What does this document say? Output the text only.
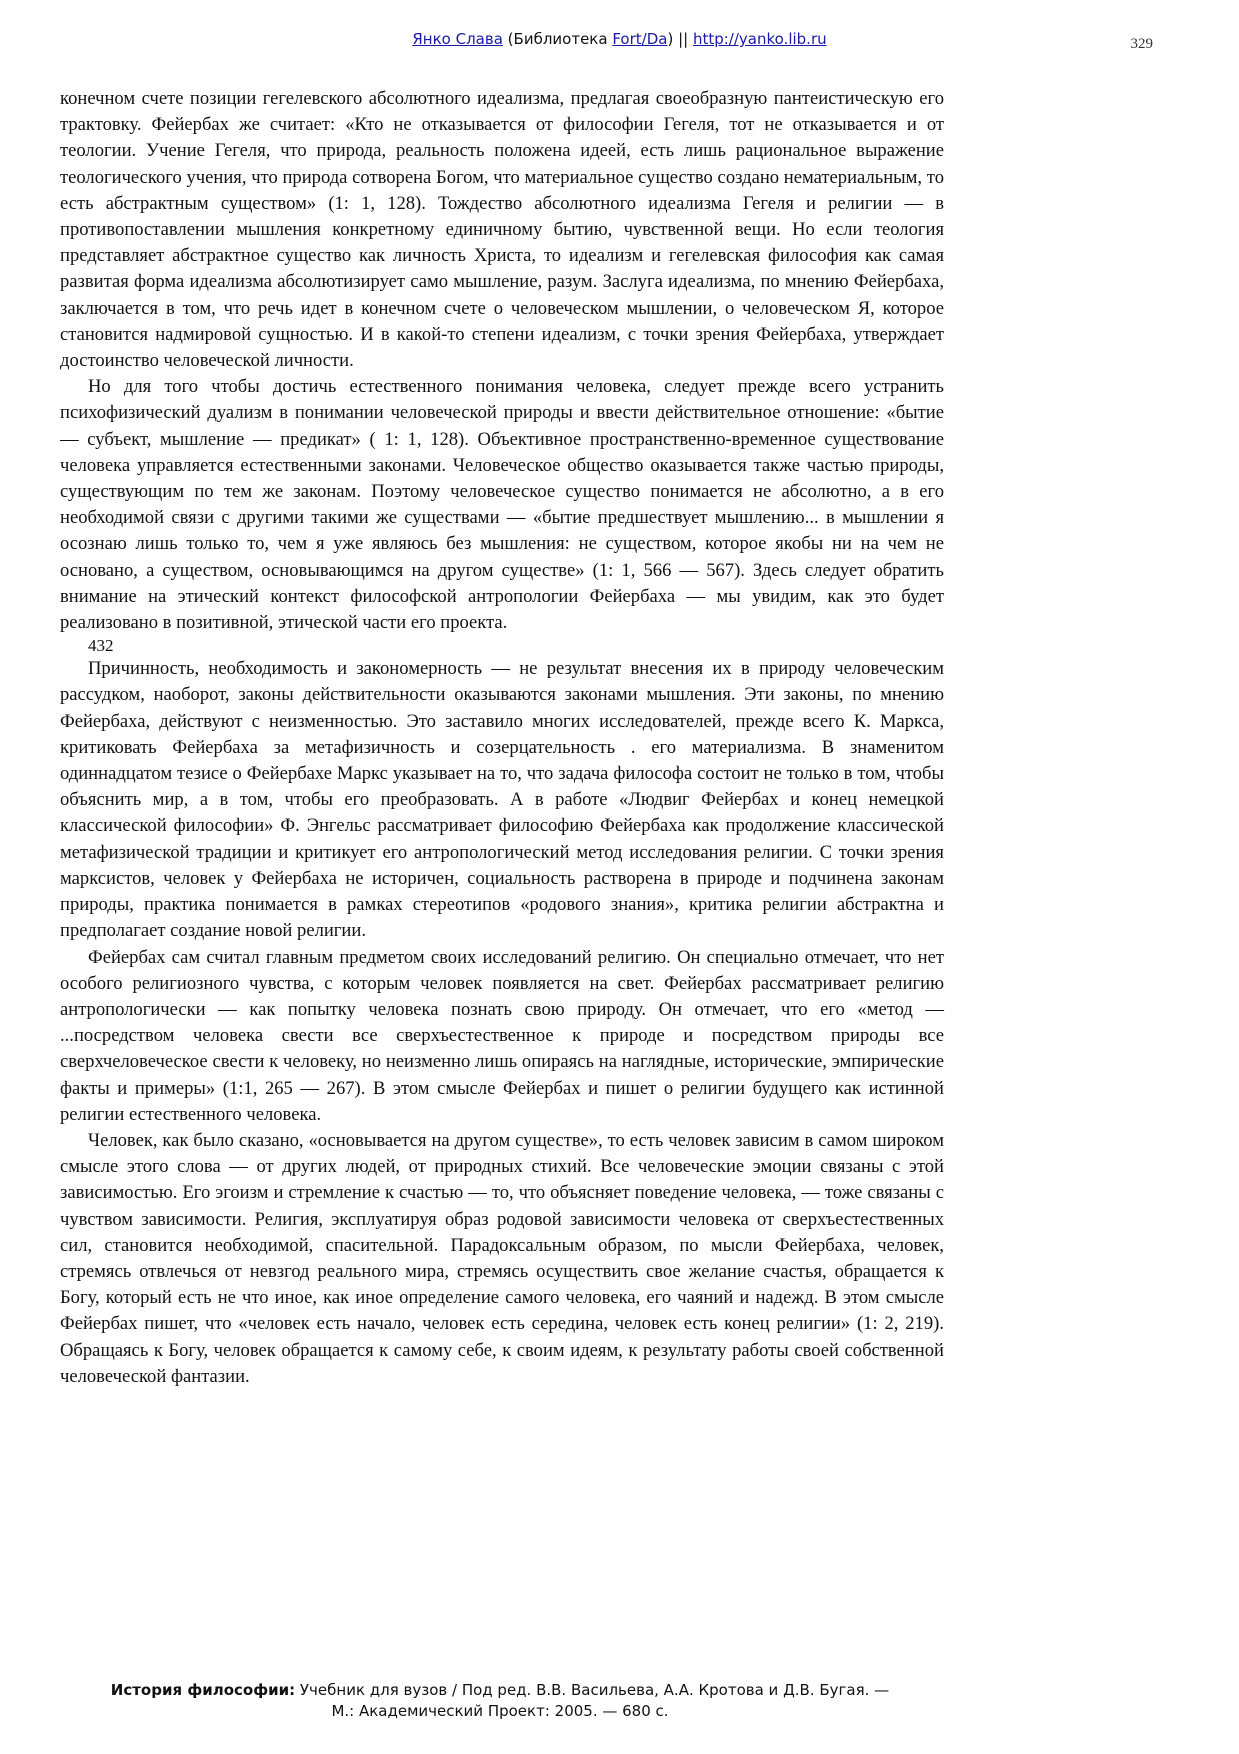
Янко Слава (Библиотека Fort/Da) || http://yanko.lib.ru	329

конечном счете позиции гегелевского абсолютного идеализма, предлагая своеобразную пантеистическую его трактовку. Фейербах же считает: «Кто не отказывается от философии Гегеля, тот не отказывается и от теологии. Учение Гегеля, что природа, реальность положена идеей, есть лишь рациональное выражение теологического учения, что природа сотворена Богом, что материальное существо создано нематериальным, то есть абстрактным существом» (1: 1, 128). Тождество абсолютного идеализма Гегеля и религии — в противопоставлении мышления конкретному единичному бытию, чувственной вещи. Но если теология представляет абстрактное существо как личность Христа, то идеализм и гегелевская философия как самая развитая форма идеализма абсолютизирует само мышление, разум. Заслуга идеализма, по мнению Фейербаха, заключается в том, что речь идет в конечном счете о человеческом мышлении, о человеческом Я, которое становится надмировой сущностью. И в какой-то степени идеализм, с точки зрения Фейербаха, утверждает достоинство человеческой личности.

Но для того чтобы достичь естественного понимания человека, следует прежде всего устранить психофизический дуализм в понимании человеческой природы и ввести действительное отношение: «бытие — субъект, мышление — предикат» ( 1: 1, 128). Объективное пространственно-временное существование человека управляется естественными законами. Человеческое общество оказывается также частью природы, существующим по тем же законам. Поэтому человеческое существо понимается не абсолютно, а в его необходимой связи с другими такими же существами — «бытие предшествует мышлению... в мышлении я осознаю лишь только то, чем я уже являюсь без мышления: не существом, которое якобы ни на чем не основано, а существом, основывающимся на другом существе» (1: 1, 566 — 567). Здесь следует обратить внимание на этический контекст философской антропологии Фейербаха — мы увидим, как это будет реализовано в позитивной, этической части его проекта.

432

Причинность, необходимость и закономерность — не результат внесения их в природу человеческим рассудком, наоборот, законы действительности оказываются законами мышления. Эти законы, по мнению Фейербаха, действуют с неизменностью. Это заставило многих исследователей, прежде всего К. Маркса, критиковать Фейербаха за метафизичность и созерцательность . его материализма. В знаменитом одиннадцатом тезисе о Фейербахе Маркс указывает на то, что задача философа состоит не только в том, чтобы объяснить мир, а в том, чтобы его преобразовать. А в работе «Людвиг Фейербах и конец немецкой классической философии» Ф. Энгельс рассматривает философию Фейербаха как продолжение классической метафизической традиции и критикует его антропологический метод исследования религии. С точки зрения марксистов, человек у Фейербаха не историчен, социальность растворена в природе и подчинена законам природы, практика понимается в рамках стереотипов «родового знания», критика религии абстрактна и предполагает создание новой религии.

Фейербах сам считал главным предметом своих исследований религию. Он специально отмечает, что нет особого религиозного чувства, с которым человек появляется на свет. Фейербах рассматривает религию антропологически — как попытку человека познать свою природу. Он отмечает, что его «метод — ...посредством человека свести все сверхъестественное к природе и посредством природы все сверхчеловеческое свести к человеку, но неизменно лишь опираясь на наглядные, исторические, эмпирические факты и примеры» (1:1, 265 — 267). В этом смысле Фейербах и пишет о религии будущего как истинной религии естественного человека.

Человек, как было сказано, «основывается на другом существе», то есть человек зависим в самом широком смысле этого слова — от других людей, от природных стихий. Все человеческие эмоции связаны с этой зависимостью. Его эгоизм и стремление к счастью — то, что объясняет поведение человека, — тоже связаны с чувством зависимости. Религия, эксплуатируя образ родовой зависимости человека от сверхъестественных сил, становится необходимой, спасительной. Парадоксальным образом, по мысли Фейербаха, человек, стремясь отвлечься от невзгод реального мира, стремясь осуществить свое желание счастья, обращается к Богу, который есть не что иное, как иное определение самого человека, его чаяний и надежд. В этом смысле Фейербах пишет, что «человек есть начало, человек есть середина, человек есть конец религии» (1: 2, 219). Обращаясь к Богу, человек обращается к самому себе, к своим идеям, к результату работы своей собственной человеческой фантазии.

История философии: Учебник для вузов / Под ред. В.В. Васильева, А.А. Кротова и Д.В. Бугая. —
М.: Академический Проект: 2005. — 680 с.
